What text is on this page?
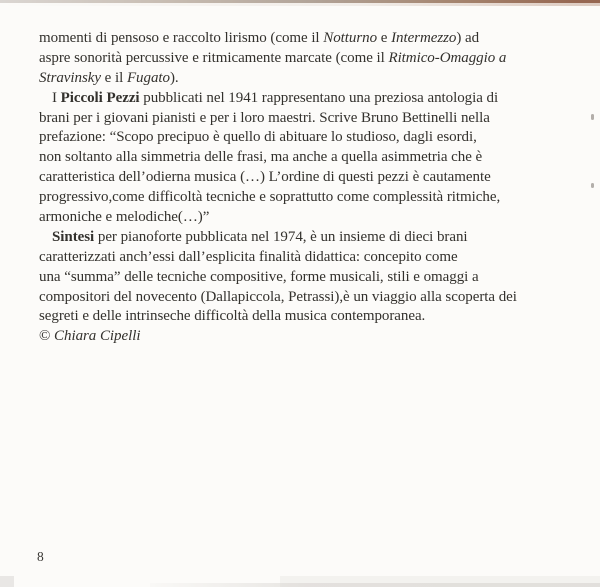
momenti di pensoso e raccolto lirismo (come il Notturno e Intermezzo) ad
aspre sonorità percussive e ritmicamente marcate (come il Ritmico-Omaggio a
Stravinsky e il Fugato).
I Piccoli Pezzi pubblicati nel 1941 rappresentano una preziosa antologia di
brani per i giovani pianisti e per i loro maestri. Scrive Bruno Bettinelli nella
prefazione: “Scopo precipuo è quello di abituare lo studioso, dagli esordi,
non soltanto alla simmetria delle frasi, ma anche a quella asimmetria che è
caratteristica dell’odierna musica (…) L’ordine di questi pezzi è cautamente
progressivo,come difficoltà tecniche e soprattutto come complessità ritmiche,
armoniche e melodiche(…)”
Sintesi per pianoforte pubblicata nel 1974, è un insieme di dieci brani
caratterizzati anch’essi dall’esplicita finalità didattica: concepito come
una “summa” delle tecniche compositive, forme musicali, stili e omaggi a
compositori del novecento (Dallapiccola, Petrassi),è un viaggio alla scoperta dei
segreti e delle intrinseche difficoltà della musica contemporanea.
© Chiara Cipelli
8
